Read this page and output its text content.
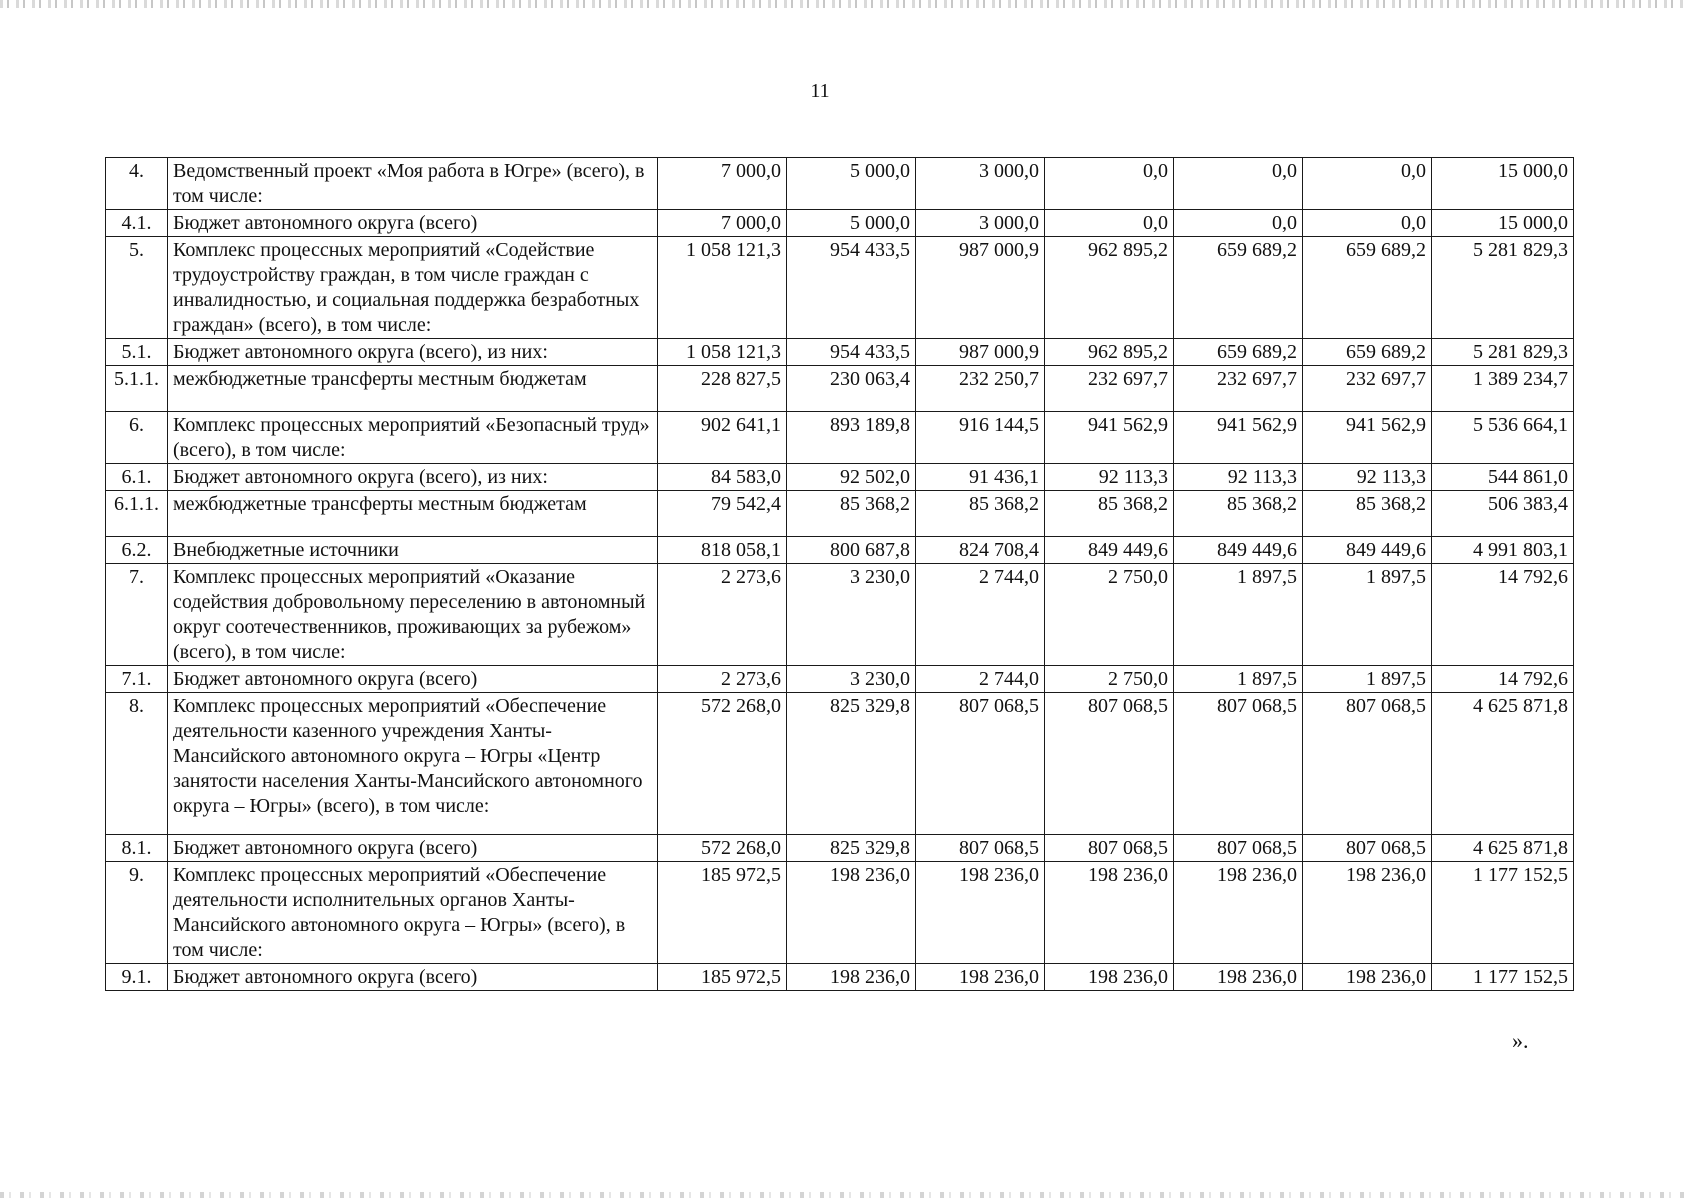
11
4.	Ведомственный проект «Моя работа в Югре» (всего), в том числе:	7 000,0	5 000,0	3 000,0	0,0	0,0	0,0	15 000,0
4.1.	Бюджет автономного округа (всего)	7 000,0	5 000,0	3 000,0	0,0	0,0	0,0	15 000,0
5.	Комплекс процессных мероприятий «Содействие трудоустройству граждан, в том числе граждан с инвалидностью, и социальная поддержка безработных граждан» (всего), в том числе:	1 058 121,3	954 433,5	987 000,9	962 895,2	659 689,2	659 689,2	5 281 829,3
5.1.	Бюджет автономного округа (всего), из них:	1 058 121,3	954 433,5	987 000,9	962 895,2	659 689,2	659 689,2	5 281 829,3
5.1.1.	межбюджетные трансферты местным бюджетам	228 827,5	230 063,4	232 250,7	232 697,7	232 697,7	232 697,7	1 389 234,7
6.	Комплекс процессных мероприятий «Безопасный труд» (всего), в том числе:	902 641,1	893 189,8	916 144,5	941 562,9	941 562,9	941 562,9	5 536 664,1
6.1.	Бюджет автономного округа (всего), из них:	84 583,0	92 502,0	91 436,1	92 113,3	92 113,3	92 113,3	544 861,0
6.1.1.	межбюджетные трансферты местным бюджетам	79 542,4	85 368,2	85 368,2	85 368,2	85 368,2	85 368,2	506 383,4
6.2.	Внебюджетные источники	818 058,1	800 687,8	824 708,4	849 449,6	849 449,6	849 449,6	4 991 803,1
7.	Комплекс процессных мероприятий «Оказание содействия добровольному переселению в автономный округ соотечественников, проживающих за рубежом» (всего), в том числе:	2 273,6	3 230,0	2 744,0	2 750,0	1 897,5	1 897,5	14 792,6
7.1.	Бюджет автономного округа (всего)	2 273,6	3 230,0	2 744,0	2 750,0	1 897,5	1 897,5	14 792,6
8.	Комплекс процессных мероприятий «Обеспечение деятельности казенного учреждения Ханты-Мансийского автономного округа – Югры «Центр занятости населения Ханты-Мансийского автономного округа – Югры» (всего), в том числе:	572 268,0	825 329,8	807 068,5	807 068,5	807 068,5	807 068,5	4 625 871,8
8.1.	Бюджет автономного округа (всего)	572 268,0	825 329,8	807 068,5	807 068,5	807 068,5	807 068,5	4 625 871,8
9.	Комплекс процессных мероприятий «Обеспечение деятельности исполнительных органов Ханты-Мансийского автономного округа – Югры» (всего), в том числе:	185 972,5	198 236,0	198 236,0	198 236,0	198 236,0	198 236,0	1 177 152,5
9.1.	Бюджет автономного округа (всего)	185 972,5	198 236,0	198 236,0	198 236,0	198 236,0	198 236,0	1 177 152,5
».
